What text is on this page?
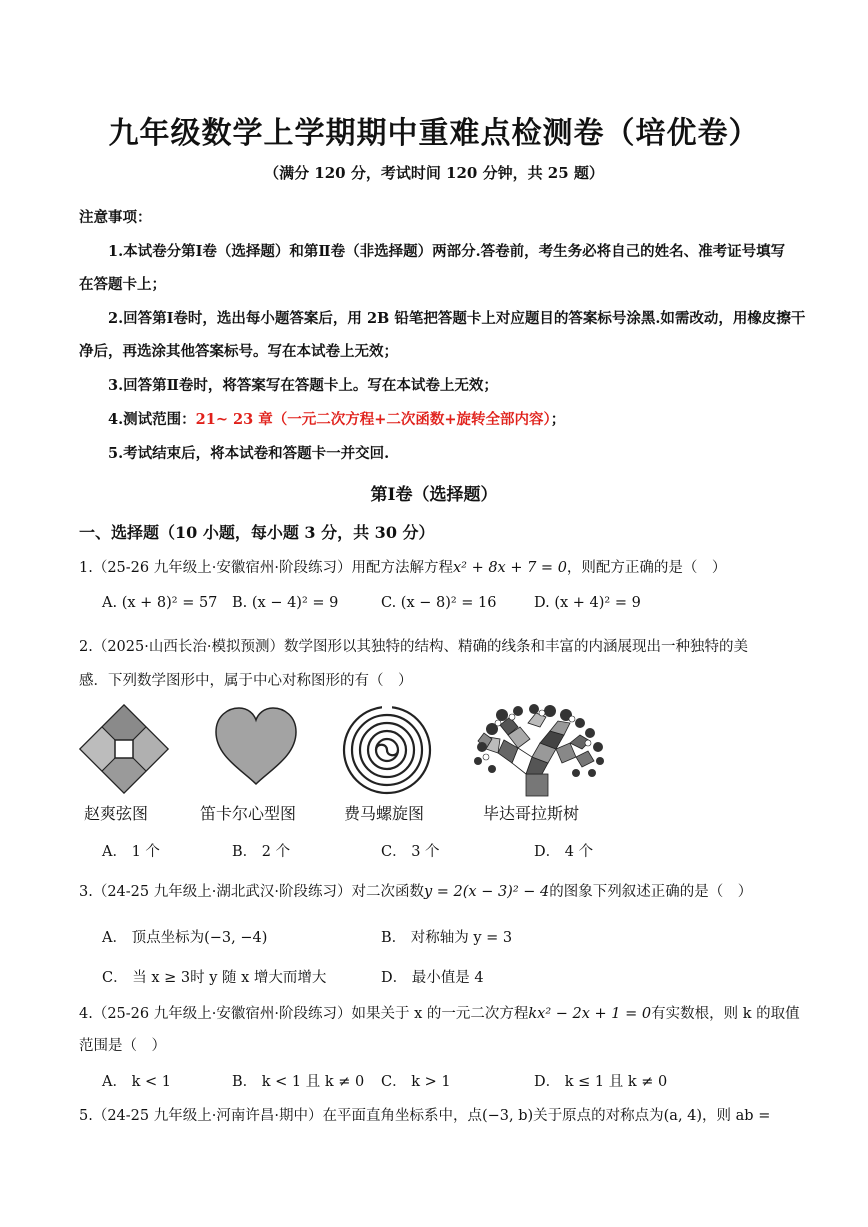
九年级数学上学期期中重难点检测卷（培优卷）
（满分 120 分，考试时间 120 分钟，共 25 题）
注意事项：
1.本试卷分第Ⅰ卷（选择题）和第Ⅱ卷（非选择题）两部分.答卷前，考生务必将自己的姓名、准考证号填写
在答题卡上；
2.回答第Ⅰ卷时，选出每小题答案后，用 2B 铅笔把答题卡上对应题目的答案标号涂黑.如需改动，用橡皮擦干
净后，再选涂其他答案标号。写在本试卷上无效；
3.回答第Ⅱ卷时，将答案写在答题卡上。写在本试卷上无效；
4.测试范围：21~ 23 章（一元二次方程+二次函数+旋转全部内容）；
5.考试结束后，将本试卷和答题卡一并交回.
第Ⅰ卷（选择题）
一、选择题（10 小题，每小题 3 分，共 30 分）
1.（25-26 九年级上·安徽宿州·阶段练习）用配方法解方程x² + 8x + 7 = 0，则配方正确的是（　）
A. (x + 8)² = 57 B. (x − 4)² = 9	C. (x − 8)² = 16	D. (x + 4)² = 9
2.（2025·山西长治·模拟预测）数学图形以其独特的结构、精确的线条和丰富的内涵展现出一种独特的美
感．下列数学图形中，属于中心对称图形的有（　）
赵爽弦图	笛卡尔心型图	费马螺旋图	毕达哥拉斯树
A． 1 个	B． 2 个	C． 3 个	D． 4 个
3.（24-25 九年级上·湖北武汉·阶段练习）对二次函数y = 2(x − 3)² − 4的图象下列叙述正确的是（　）
A． 顶点坐标为(−3, −4)	B． 对称轴为 y = 3
C． 当 x ≥ 3时 y 随 x 增大而增大	D． 最小值是 4
4.（25-26 九年级上·安徽宿州·阶段练习）如果关于 x 的一元二次方程kx² − 2x + 1 = 0有实数根，则 k 的取值
范围是（　）
A． k < 1	B． k < 1 且 k ≠ 0 C． k > 1	D． k ≤ 1 且 k ≠ 0
5.（24-25 九年级上·河南许昌·期中）在平面直角坐标系中，点(−3, b)关于原点的对称点为(a, 4)，则 ab =
